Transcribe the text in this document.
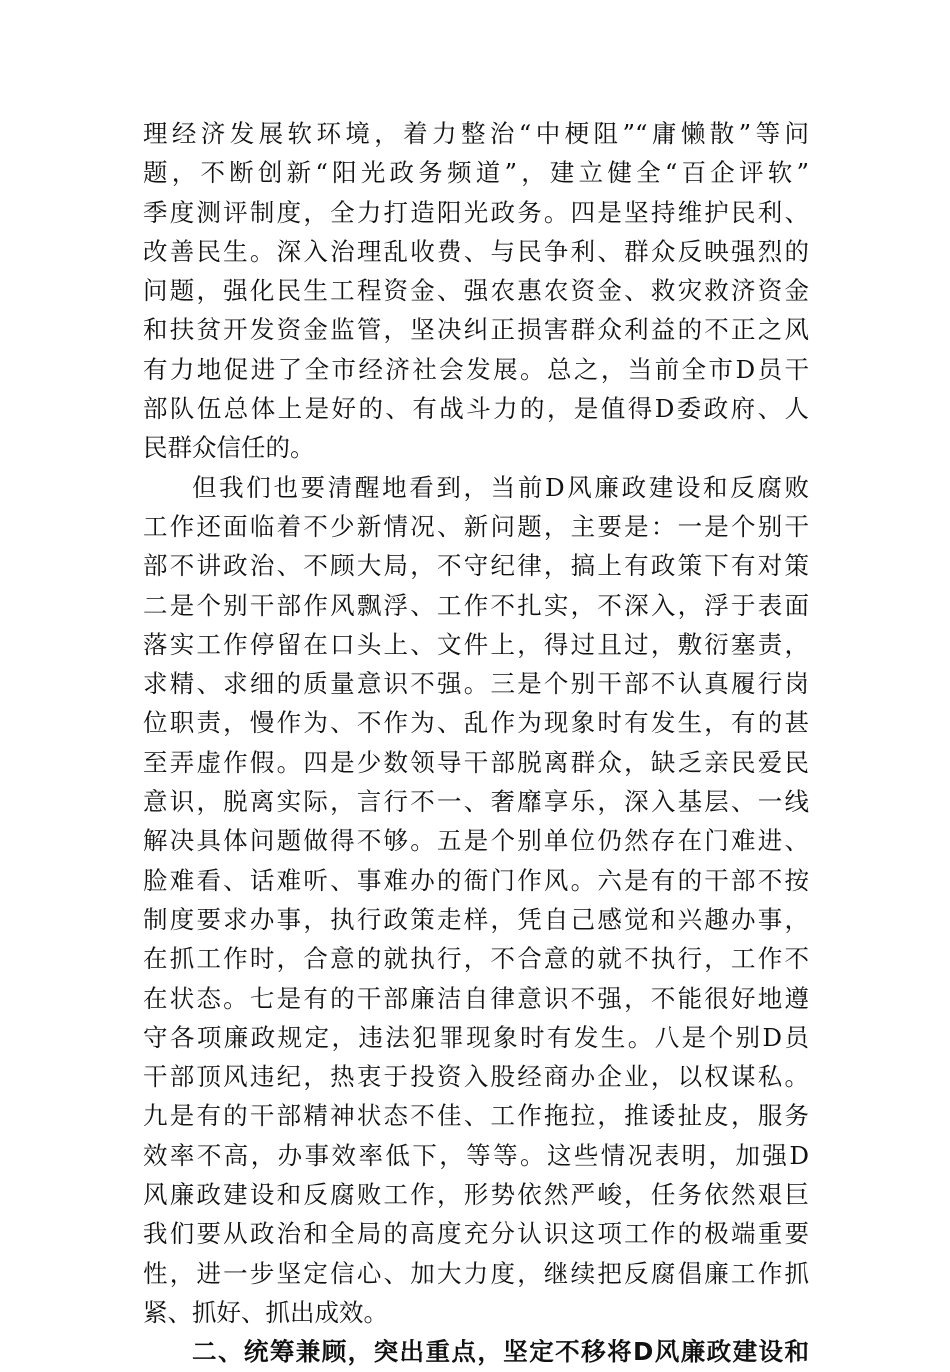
理经济发展软环境，着力整治“中梗阻”“庸懒散”等问
题，不断创新“阳光政务频道”，建立健全“百企评软”
季度测评制度，全力打造阳光政务。四是坚持维护民利、
改善民生。深入治理乱收费、与民争利、群众反映强烈的
问题，强化民生工程资金、强农惠农资金、救灾救济资金
和扶贫开发资金监管，坚决纠正损害群众利益的不正之风
有力地促进了全市经济社会发展。总之，当前全市D员干
部队伍总体上是好的、有战斗力的，是值得D委政府、人
民群众信任的。
但我们也要清醒地看到，当前D风廉政建设和反腐败
工作还面临着不少新情况、新问题，主要是：一是个别干
部不讲政治、不顾大局，不守纪律，搞上有政策下有对策
二是个别干部作风飘浮、工作不扎实，不深入，浮于表面
落实工作停留在口头上、文件上，得过且过，敷衍塞责，
求精、求细的质量意识不强。三是个别干部不认真履行岗
位职责，慢作为、不作为、乱作为现象时有发生，有的甚
至弄虚作假。四是少数领导干部脱离群众，缺乏亲民爱民
意识，脱离实际，言行不一、奢靡享乐，深入基层、一线
解决具体问题做得不够。五是个别单位仍然存在门难进、
脸难看、话难听、事难办的衙门作风。六是有的干部不按
制度要求办事，执行政策走样，凭自己感觉和兴趣办事，
在抓工作时，合意的就执行，不合意的就不执行，工作不
在状态。七是有的干部廉洁自律意识不强，不能很好地遵
守各项廉政规定，违法犯罪现象时有发生。八是个别D员
干部顶风违纪，热衷于投资入股经商办企业，以权谋私。
九是有的干部精神状态不佳、工作拖拉，推诿扯皮，服务
效率不高，办事效率低下，等等。这些情况表明，加强D
风廉政建设和反腐败工作，形势依然严峻，任务依然艰巨
我们要从政治和全局的高度充分认识这项工作的极端重要
性，进一步坚定信心、加大力度，继续把反腐倡廉工作抓
紧、抓好、抓出成效。
二、统筹兼顾，突出重点，坚定不移将D风廉政建设和
